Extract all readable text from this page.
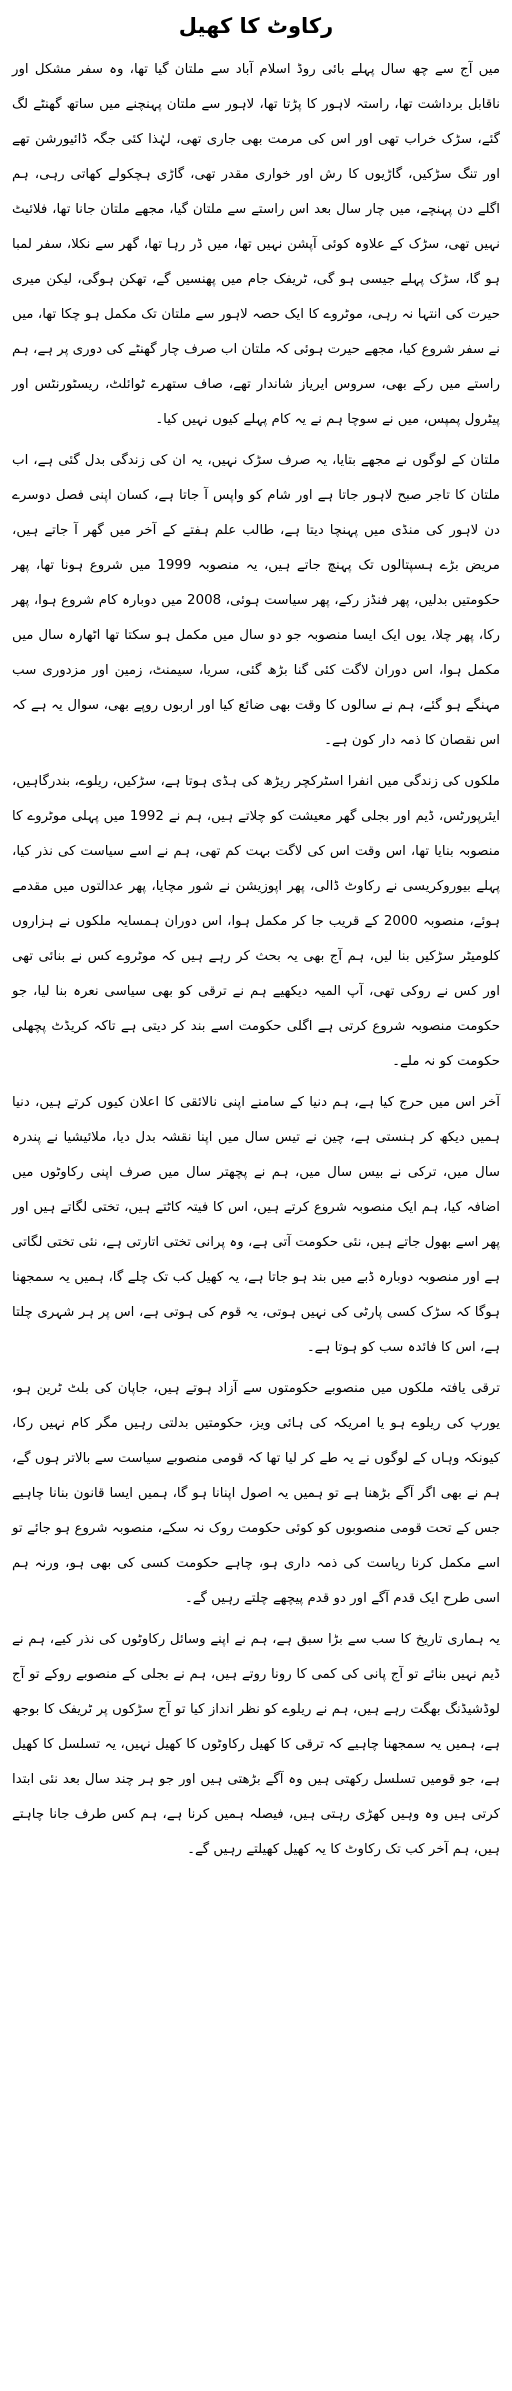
رکاوٹ کا کھیل

میں آج سے چھ سال پہلے بائی روڈ اسلام آباد سے ملتان گیا تھا، وہ سفر مشکل اور ناقابل برداشت تھا، راستہ لاہور کا پڑتا تھا، لاہور سے ملتان پہنچنے میں ساتھ گھنٹے لگ گئے، سڑک خراب تھی اور اس کی مرمت بھی جاری تھی، لہٰذا کئی جگہ ڈائیورشن تھے اور تنگ سڑکیں، گاڑیوں کا رش اور خواری مقدر تھی، گاڑی ہچکولے کھاتی رہی، ہم اگلے دن پہنچے، میں چار سال بعد اس راستے سے ملتان گیا، مجھے ملتان جانا تھا، فلائیٹ نہیں تھی، سڑک کے علاوہ کوئی آپشن نہیں تھا، میں ڈر رہا تھا، گھر سے نکلا، سفر لمبا ہو گا، سڑک پہلے جیسی ہو گی، ٹریفک جام میں پھنسیں گے، تھکن ہوگی، لیکن میری حیرت کی انتہا نہ رہی، موٹروے کا ایک حصہ لاہور سے ملتان تک مکمل ہو چکا تھا، میں نے سفر شروع کیا، مجھے حیرت ہوئی کہ ملتان اب صرف چار گھنٹے کی دوری پر ہے، ہم راستے میں رکے بھی، سروس ایریاز شاندار تھے، صاف ستھرے ٹوائلٹ، ریسٹورنٹس اور پیٹرول پمپس، میں نے سوچا ہم نے یہ کام پہلے کیوں نہیں کیا۔

ملتان کے لوگوں نے مجھے بتایا، یہ صرف سڑک نہیں، یہ ان کی زندگی بدل گئی ہے، اب ملتان کا تاجر صبح لاہور جاتا ہے اور شام کو واپس آ جاتا ہے، کسان اپنی فصل دوسرے دن لاہور کی منڈی میں پہنچا دیتا ہے، طالب علم ہفتے کے آخر میں گھر آ جاتے ہیں، مریض بڑے ہسپتالوں تک پہنچ جاتے ہیں، یہ منصوبہ 1999 میں شروع ہونا تھا، پھر حکومتیں بدلیں، پھر فنڈز رکے، پھر سیاست ہوئی، 2008 میں دوبارہ کام شروع ہوا، پھر رکا، پھر چلا، یوں ایک ایسا منصوبہ جو دو سال میں مکمل ہو سکتا تھا اٹھارہ سال میں مکمل ہوا، اس دوران لاگت کئی گنا بڑھ گئی، سریا، سیمنٹ، زمین اور مزدوری سب مہنگے ہو گئے، ہم نے سالوں کا وقت بھی ضائع کیا اور اربوں روپے بھی، سوال یہ ہے کہ اس نقصان کا ذمہ دار کون ہے۔

ملکوں کی زندگی میں انفرا اسٹرکچر ریڑھ کی ہڈی ہوتا ہے، سڑکیں، ریلوے، بندرگاہیں، ایئرپورٹس، ڈیم اور بجلی گھر معیشت کو چلاتے ہیں، ہم نے 1992 میں پہلی موٹروے کا منصوبہ بنایا تھا، اس وقت اس کی لاگت بہت کم تھی، ہم نے اسے سیاست کی نذر کیا، پہلے بیوروکریسی نے رکاوٹ ڈالی، پھر اپوزیشن نے شور مچایا، پھر عدالتوں میں مقدمے ہوئے، منصوبہ 2000 کے قریب جا کر مکمل ہوا، اس دوران ہمسایہ ملکوں نے ہزاروں کلومیٹر سڑکیں بنا لیں، ہم آج بھی یہ بحث کر رہے ہیں کہ موٹروے کس نے بنائی تھی اور کس نے روکی تھی، آپ المیہ دیکھیے ہم نے ترقی کو بھی سیاسی نعرہ بنا لیا، جو حکومت منصوبہ شروع کرتی ہے اگلی حکومت اسے بند کر دیتی ہے تاکہ کریڈٹ پچھلی حکومت کو نہ ملے۔

آخر اس میں حرج کیا ہے، ہم دنیا کے سامنے اپنی نالائقی کا اعلان کیوں کرتے ہیں، دنیا ہمیں دیکھ کر ہنستی ہے، چین نے تیس سال میں اپنا نقشہ بدل دیا، ملائیشیا نے پندرہ سال میں، ترکی نے بیس سال میں، ہم نے پچھتر سال میں صرف اپنی رکاوٹوں میں اضافہ کیا، ہم ایک منصوبہ شروع کرتے ہیں، اس کا فیتہ کاٹتے ہیں، تختی لگاتے ہیں اور پھر اسے بھول جاتے ہیں، نئی حکومت آتی ہے، وہ پرانی تختی اتارتی ہے، نئی تختی لگاتی ہے اور منصوبہ دوبارہ ڈبے میں بند ہو جاتا ہے، یہ کھیل کب تک چلے گا، ہمیں یہ سمجھنا ہوگا کہ سڑک کسی پارٹی کی نہیں ہوتی، یہ قوم کی ہوتی ہے، اس پر ہر شہری چلتا ہے، اس کا فائدہ سب کو ہوتا ہے۔

ترقی یافتہ ملکوں میں منصوبے حکومتوں سے آزاد ہوتے ہیں، جاپان کی بلٹ ٹرین ہو، یورپ کی ریلوے ہو یا امریکہ کی ہائی ویز، حکومتیں بدلتی رہیں مگر کام نہیں رکا، کیونکہ وہاں کے لوگوں نے یہ طے کر لیا تھا کہ قومی منصوبے سیاست سے بالاتر ہوں گے، ہم نے بھی اگر آگے بڑھنا ہے تو ہمیں یہ اصول اپنانا ہو گا، ہمیں ایسا قانون بنانا چاہیے جس کے تحت قومی منصوبوں کو کوئی حکومت روک نہ سکے، منصوبہ شروع ہو جائے تو اسے مکمل کرنا ریاست کی ذمہ داری ہو، چاہے حکومت کسی کی بھی ہو، ورنہ ہم اسی طرح ایک قدم آگے اور دو قدم پیچھے چلتے رہیں گے۔

یہ ہماری تاریخ کا سب سے بڑا سبق ہے، ہم نے اپنے وسائل رکاوٹوں کی نذر کیے، ہم نے ڈیم نہیں بنائے تو آج پانی کی کمی کا رونا روتے ہیں، ہم نے بجلی کے منصوبے روکے تو آج لوڈشیڈنگ بھگت رہے ہیں، ہم نے ریلوے کو نظر انداز کیا تو آج سڑکوں پر ٹریفک کا بوجھ ہے، ہمیں یہ سمجھنا چاہیے کہ ترقی کا کھیل رکاوٹوں کا کھیل نہیں، یہ تسلسل کا کھیل ہے، جو قومیں تسلسل رکھتی ہیں وہ آگے بڑھتی ہیں اور جو ہر چند سال بعد نئی ابتدا کرتی ہیں وہ وہیں کھڑی رہتی ہیں، فیصلہ ہمیں کرنا ہے، ہم کس طرف جانا چاہتے ہیں، ہم آخر کب تک رکاوٹ کا یہ کھیل کھیلتے رہیں گے۔
